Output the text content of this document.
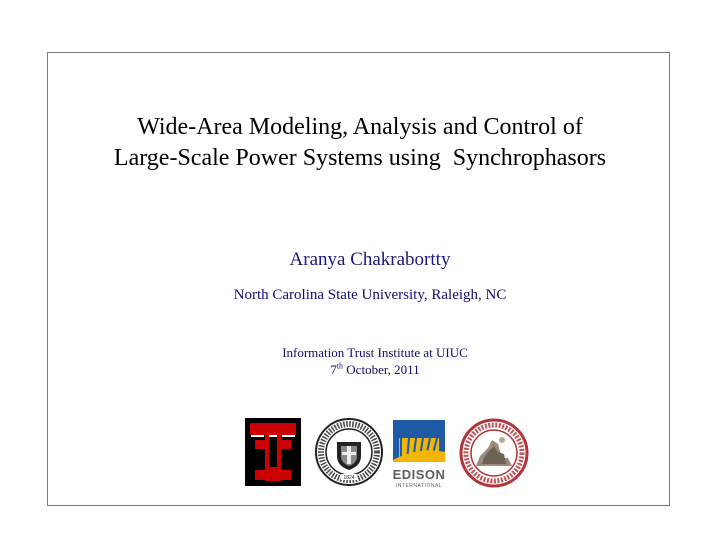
Wide-Area Modeling, Analysis and Control of
Large-Scale Power Systems using  Synchrophasors
Aranya Chakrabortty
North Carolina State University, Raleigh, NC
Information Trust Institute at UIUC
7th October, 2011
1824	EDISON
INTERNATIONAL
